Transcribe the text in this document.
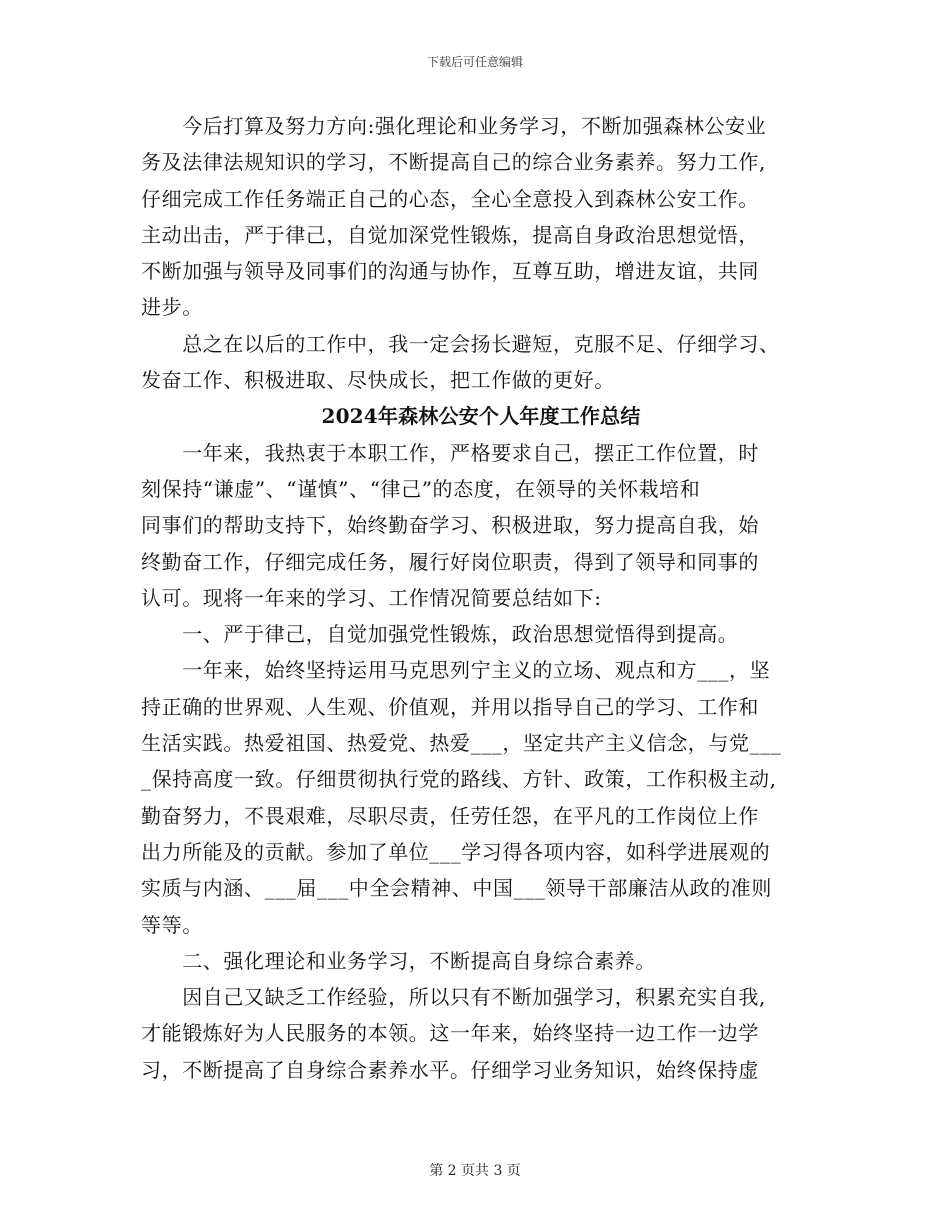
下载后可任意编辑
　　今后打算及努力方向:强化理论和业务学习，不断加强森林公安业
务及法律法规知识的学习，不断提高自己的综合业务素养。努力工作,
仔细完成工作任务端正自己的心态，全心全意投入到森林公安工作。
主动出击，严于律己，自觉加深党性锻炼，提高自身政治思想觉悟，
不断加强与领导及同事们的沟通与协作，互尊互助，增进友谊，共同
进步。
　　总之在以后的工作中，我一定会扬长避短，克服不足、仔细学习、
发奋工作、积极进取、尽快成长，把工作做的更好。
2024年森林公安个人年度工作总结
　　一年来，我热衷于本职工作，严格要求自己，摆正工作位置，时
刻保持“谦虚”、“谨慎”、“律己”的态度，在领导的关怀栽培和
同事们的帮助支持下，始终勤奋学习、积极进取，努力提高自我，始
终勤奋工作，仔细完成任务，履行好岗位职责，得到了领导和同事的
认可。现将一年来的学习、工作情况简要总结如下:
　　一、严于律己，自觉加强党性锻炼，政治思想觉悟得到提高。
　　一年来，始终坚持运用马克思列宁主义的立场、观点和方___，坚
持正确的世界观、人生观、价值观，并用以指导自己的学习、工作和
生活实践。热爱祖国、热爱党、热爱___，坚定共产主义信念，与党___
_保持高度一致。仔细贯彻执行党的路线、方针、政策，工作积极主动,
勤奋努力，不畏艰难，尽职尽责，任劳任怨，在平凡的工作岗位上作
出力所能及的贡献。参加了单位___学习得各项内容，如科学进展观的
实质与内涵、___届___中全会精神、中国___领导干部廉洁从政的准则
等等。
　　二、强化理论和业务学习，不断提高自身综合素养。
　　因自己又缺乏工作经验，所以只有不断加强学习，积累充实自我,
才能锻炼好为人民服务的本领。这一年来，始终坚持一边工作一边学
习，不断提高了自身综合素养水平。仔细学习业务知识，始终保持虚
第 2 页共 3 页
